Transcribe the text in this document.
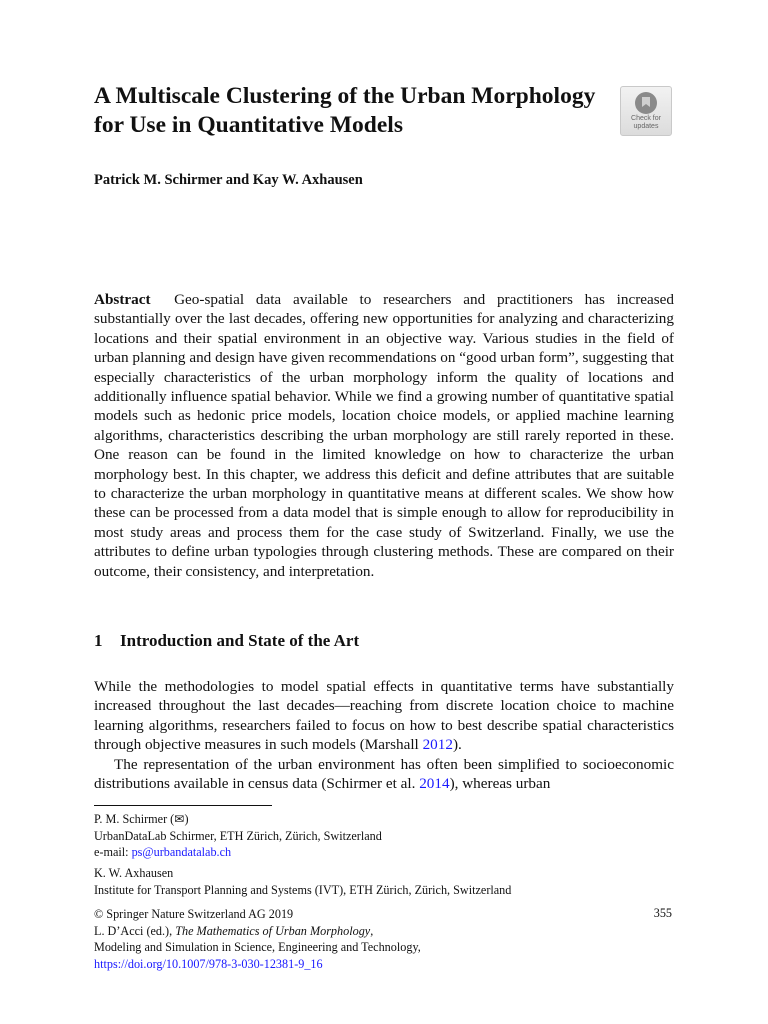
A Multiscale Clustering of the Urban Morphology for Use in Quantitative Models	Check for
updates
Patrick M. Schirmer and Kay W. Axhausen

Abstract Geo-spatial data available to researchers and practitioners has increased substantially over the last decades, offering new opportunities for analyzing and characterizing locations and their spatial environment in an objective way. Various studies in the field of urban planning and design have given recommendations on “good urban form”, suggesting that especially characteristics of the urban morphology inform the quality of locations and additionally influence spatial behavior. While we find a growing number of quantitative spatial models such as hedonic price models, location choice models, or applied machine learning algorithms, characteristics describing the urban morphology are still rarely reported in these. One reason can be found in the limited knowledge on how to characterize the urban morphology best. In this chapter, we address this deficit and define attributes that are suitable to characterize the urban morphology in quantitative means at different scales. We show how these can be processed from a data model that is simple enough to allow for reproducibility in most study areas and process them for the case study of Switzerland. Finally, we use the attributes to define urban typologies through clustering methods. These are compared on their outcome, their consistency, and interpretation.

1 Introduction and State of the Art
While the methodologies to model spatial effects in quantitative terms have substantially increased throughout the last decades—reaching from discrete location choice to machine learning algorithms, researchers failed to focus on how to best describe spatial characteristics through objective measures in such models (Marshall 2012).
The representation of the urban environment has often been simplified to socioeconomic distributions available in census data (Schirmer et al. 2014), whereas urban
P. M. Schirmer (✉)
UrbanDataLab Schirmer, ETH Zürich, Zürich, Switzerland
e-mail: ps@urbandatalab.ch
K. W. Axhausen
Institute for Transport Planning and Systems (IVT), ETH Zürich, Zürich, Switzerland
© Springer Nature Switzerland AG 2019
L. D’Acci (ed.), The Mathematics of Urban Morphology,
Modeling and Simulation in Science, Engineering and Technology,
https://doi.org/10.1007/978-3-030-12381-9_16
355
